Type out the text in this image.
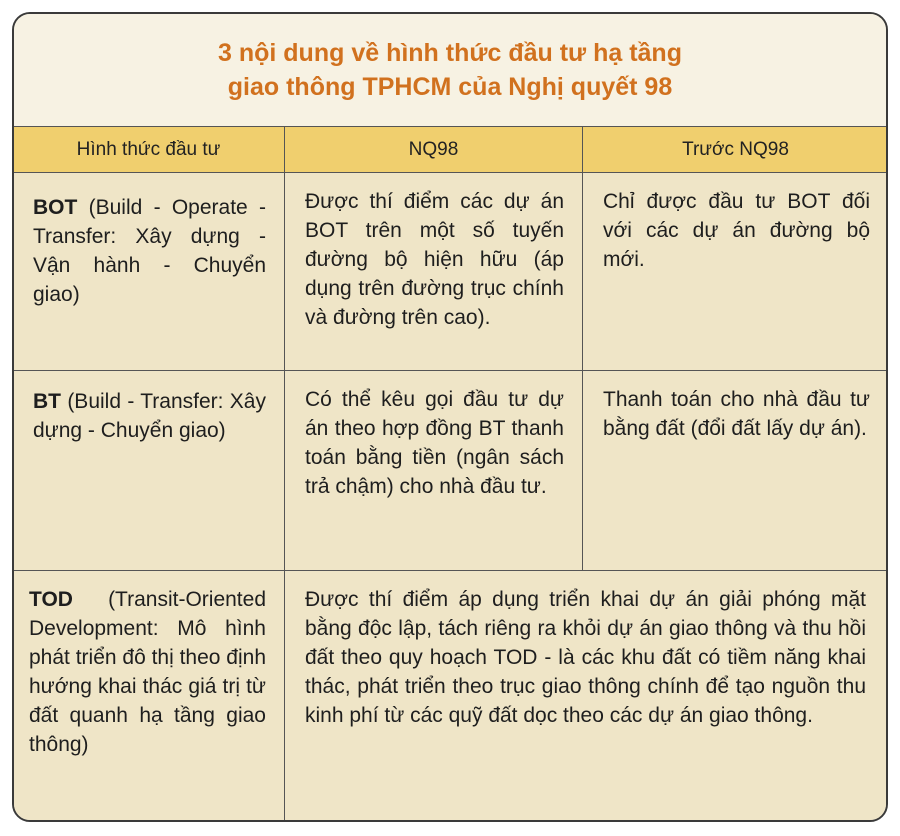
3 nội dung về hình thức đầu tư hạ tầng
giao thông TPHCM của Nghị quyết 98
Hình thức đầu tư	NQ98	Trước NQ98

BOT (Build - Operate - Transfer: Xây dựng - Vận hành - Chuyển giao)	Được thí điểm các dự án BOT trên một số tuyến đường bộ hiện hữu (áp dụng trên đường trục chính và đường trên cao).	Chỉ được đầu tư BOT đối với các dự án đường bộ mới.

BT (Build - Transfer: Xây dựng - Chuyển giao)	Có thể kêu gọi đầu tư dự án theo hợp đồng BT thanh toán bằng tiền (ngân sách trả chậm) cho nhà đầu tư.	Thanh toán cho nhà đầu tư bằng đất (đổi đất lấy dự án).

TOD (Transit-Oriented Development: Mô hình phát triển đô thị theo định hướng khai thác giá trị từ đất quanh hạ tầng giao thông)	Được thí điểm áp dụng triển khai dự án giải phóng mặt bằng độc lập, tách riêng ra khỏi dự án giao thông và thu hồi đất theo quy hoạch TOD - là các khu đất có tiềm năng khai thác, phát triển theo trục giao thông chính để tạo nguồn thu kinh phí từ các quỹ đất dọc theo các dự án giao thông.	
